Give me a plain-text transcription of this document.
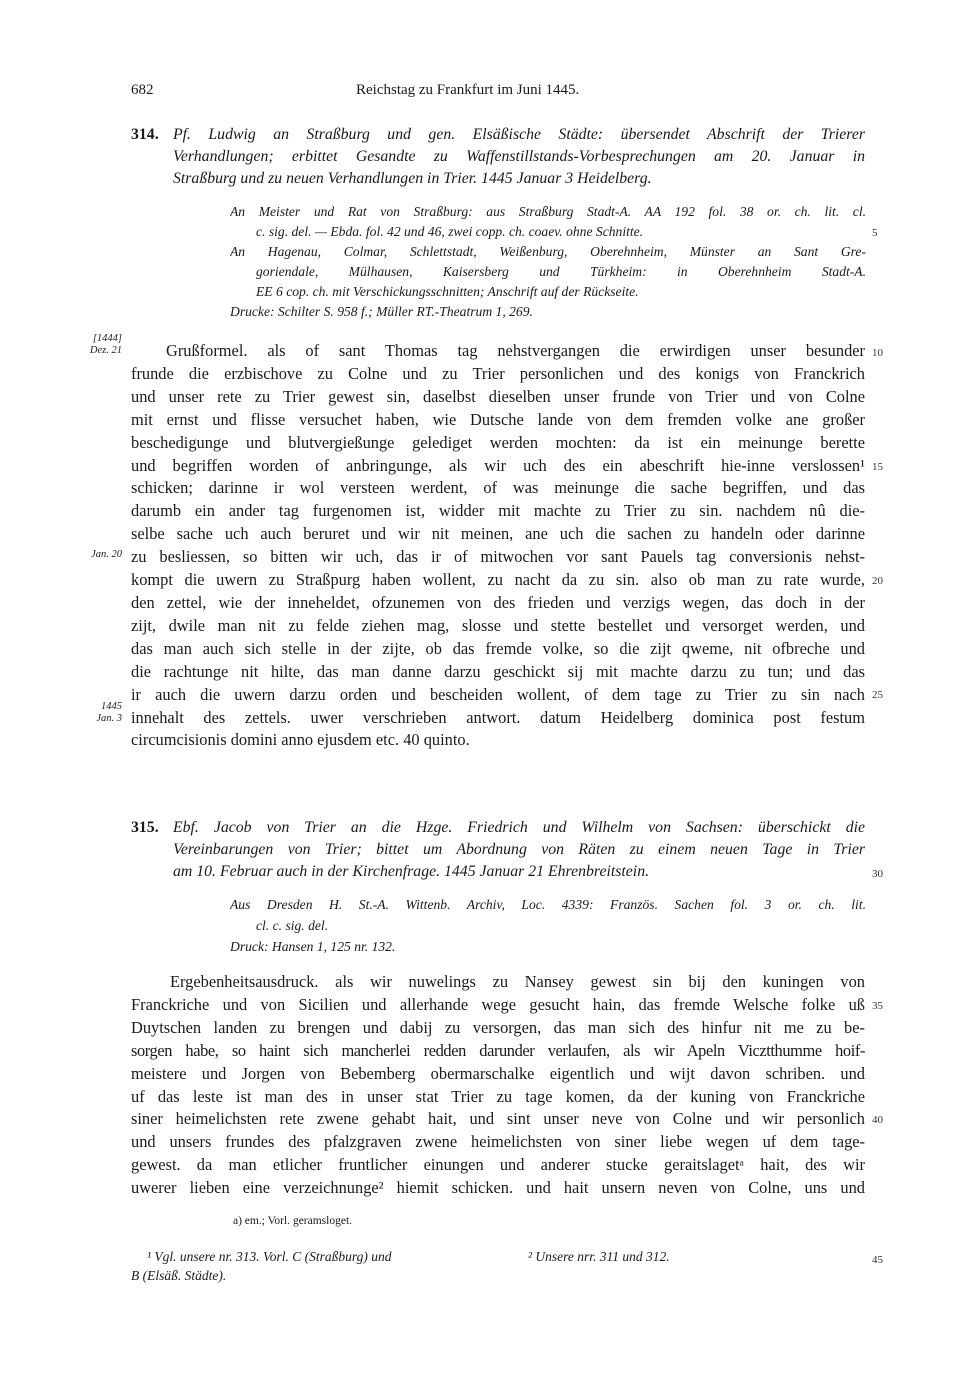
682	Reichstag zu Frankfurt im Juni 1445.
314. Pf. Ludwig an Straßburg und gen. Elsäßische Städte: übersendet Abschrift der Trierer
Verhandlungen; erbittet Gesandte zu Waffenstillstands-Vorbesprechungen am 20. Januar in
Straßburg und zu neuen Verhandlungen in Trier. 1445 Januar 3 Heidelberg.
An Meister und Rat von Straßburg: aus Straßburg Stadt-A. AA 192 fol. 38 or. ch. lit. cl.
c. sig. del. — Ebda. fol. 42 und 46, zwei copp. ch. coaev. ohne Schnitte.
An Hagenau, Colmar, Schlettstadt, Weißenburg, Oberehnheim, Münster an Sant Gre-
goriendale, Mülhausen, Kaisersberg und Türkheim: in Oberehnheim Stadt-A.
EE 6 cop. ch. mit Verschickungsschnitten; Anschrift auf der Rückseite.
Drucke: Schilter S. 958 f.; Müller RT.-Theatrum 1, 269.
[1444]
Dez. 21
Jan. 20
1445
Jan. 3
Grußformel. als of sant Thomas tag nehstvergangen die erwirdigen unser besunder
frunde die erzbischove zu Colne und zu Trier personlichen und des konigs von Franckrich
und unser rete zu Trier gewest sin, daselbst dieselben unser frunde von Trier und von Colne
mit ernst und flisse versuchet haben, wie Dutsche lande von dem fremden volke ane großer
beschedigunge und blutvergießunge gelediget werden mochten: da ist ein meinunge berette
und begriffen worden of anbringunge, als wir uch des ein abeschrift hie-inne verslossen¹
schicken; darinne ir wol versteen werdent, of was meinunge die sache begriffen, und das
darumb ein ander tag furgenomen ist, widder mit machte zu Trier zu sin. nachdem nû die-
selbe sache uch auch beruret und wir nit meinen, ane uch die sachen zu handeln oder darinne
zu besliessen, so bitten wir uch, das ir of mitwochen vor sant Pauels tag conversionis nehst-
kompt die uwern zu Straßpurg haben wollent, zu nacht da zu sin. also ob man zu rate wurde,
den zettel, wie der inneheldet, ofzunemen von des frieden und verzigs wegen, das doch in der
zijt, dwile man nit zu felde ziehen mag, slosse und stette bestellet und versorget werden, und
das man auch sich stelle in der zijte, ob das fremde volke, so die zijt qweme, nit ofbreche und
die rachtunge nit hilte, das man danne darzu geschickt sij mit machte darzu zu tun; und das
ir auch die uwern darzu orden und bescheiden wollent, of dem tage zu Trier zu sin nach
innehalt des zettels. uwer verschrieben antwort. datum Heidelberg dominica post festum
circumcisionis domini anno ejusdem etc. 40 quinto.
315. Ebf. Jacob von Trier an die Hzge. Friedrich und Wilhelm von Sachsen: überschickt die
Vereinbarungen von Trier; bittet um Abordnung von Räten zu einem neuen Tage in Trier
am 10. Februar auch in der Kirchenfrage. 1445 Januar 21 Ehrenbreitstein.
Aus Dresden H. St.-A. Wittenb. Archiv, Loc. 4339: Französ. Sachen fol. 3 or. ch. lit.
cl. c. sig. del.
Druck: Hansen 1, 125 nr. 132.
Ergebenheitsausdruck. als wir nuwelings zu Nansey gewest sin bij den kuningen von
Franckriche und von Sicilien und allerhande wege gesucht hain, das fremde Welsche folke uß
Duytschen landen zu brengen und dabij zu versorgen, das man sich des hinfur nit me zu be-
sorgen habe, so haint sich mancherlei redden darunder verlaufen, als wir Apeln Vicztthumme hoif-
meistere und Jorgen von Bebemberg obermarschalke eigentlich und wijt davon schriben. und
uf das leste ist man des in unser stat Trier zu tage komen, da der kuning von Franckriche
siner heimelichsten rete zwene gehabt hait, und sint unser neve von Colne und wir personlich
und unsers frundes des pfalzgraven zwene heimelichsten von siner liebe wegen uf dem tage-
gewest. da man etlicher fruntlicher einungen und anderer stucke geraitslagetᵃ hait, des wir
uwerer lieben eine verzeichnunge² hiemit schicken. und hait unsern neven von Colne, uns und
5
10
15
20
25
30
35
40
45
a) em.; Vorl. geramsloget.
¹ Vgl. unsere nr. 313. Vorl. C (Straßburg) und
B (Elsäß. Städte).
² Unsere nrr. 311 und 312.
